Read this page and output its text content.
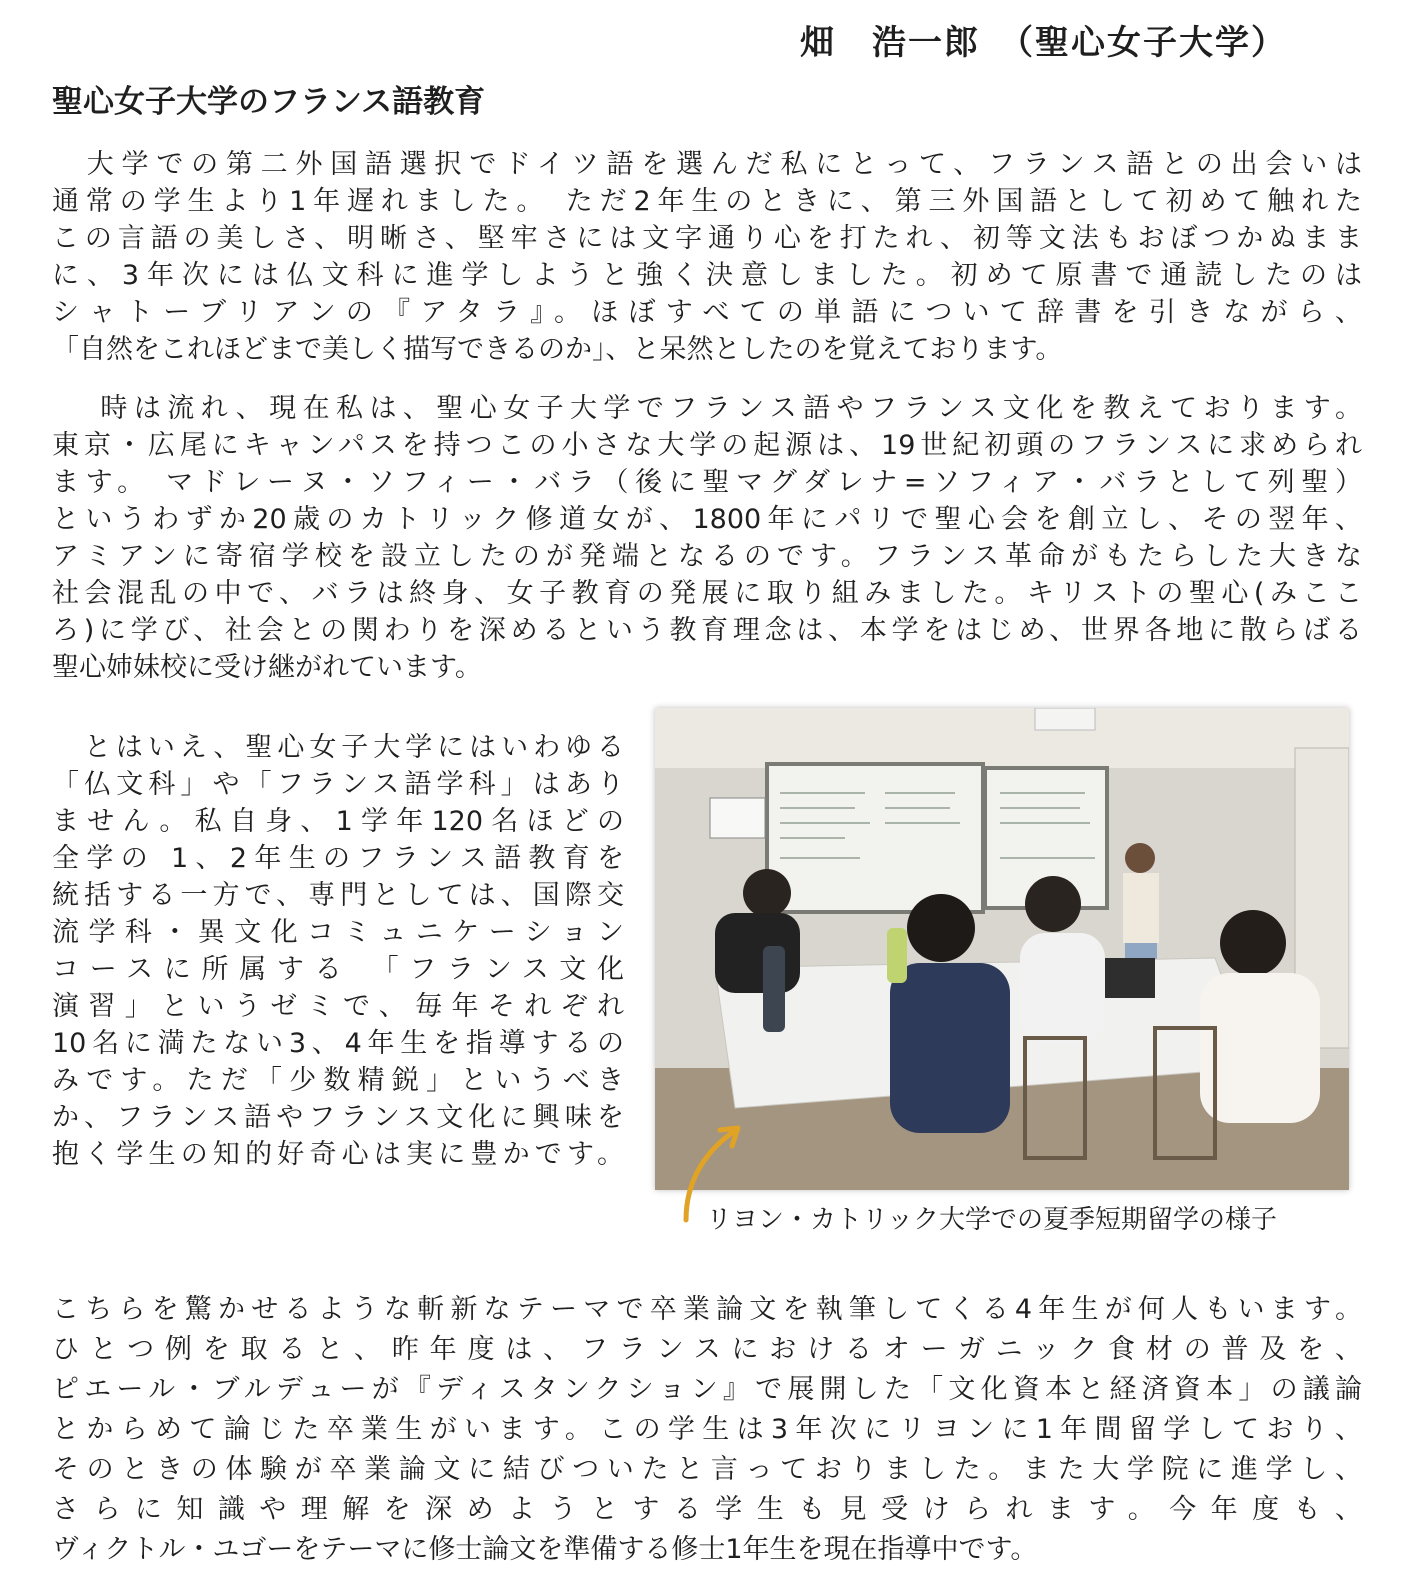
畑　浩一郎　（聖心女子大学）
聖心女子大学のフランス語教育
　大学での第二外国語選択でドイツ語を選んだ私にとって、フランス語との出会いは
通常の学生より1年遅れました。 ただ2年生のときに、第三外国語として初めて触れた
この言語の美しさ、明晰さ、堅牢さには文字通り心を打たれ、初等文法もおぼつかぬまま
に、3年次には仏文科に進学しようと強く決意しました。初めて原書で通読したのは
シャトーブリアンの『アタラ』。ほぼすべての単語について辞書を引きながら、
「自然をこれほどまで美しく描写できるのか」、と呆然としたのを覚えております。
　 時は流れ、現在私は、聖心女子大学でフランス語やフランス文化を教えております。
東京・広尾にキャンパスを持つこの小さな大学の起源は、19世紀初頭のフランスに求められ
ます。 マドレーヌ・ソフィー・バラ（後に聖マグダレナ=ソフィア・バラとして列聖）
というわずか20歳のカトリック修道女が、1800年にパリで聖心会を創立し、その翌年、
アミアンに寄宿学校を設立したのが発端となるのです。フランス革命がもたらした大きな
社会混乱の中で、バラは終身、女子教育の発展に取り組みました。キリストの聖心(みここ
ろ)に学び、社会との関わりを深めるという教育理念は、本学をはじめ、世界各地に散らばる
聖心姉妹校に受け継がれています。
　とはいえ、聖心女子大学にはいわゆる
「仏文科」や「フランス語学科」はあり
ません。私自身、1学年120名ほどの
全学の 1、2年生のフランス語教育を
統括する一方で、専門としては、国際交
流学科・異文化コミュニケーション
コースに所属する 「フランス文化
演習」というゼミで、毎年それぞれ
10名に満たない3、4年生を指導するの
みです。ただ「少数精鋭」というべき
か、フランス語やフランス文化に興味を
抱く学生の知的好奇心は実に豊かです。
リヨン・カトリック大学での夏季短期留学の様子
こちらを驚かせるような斬新なテーマで卒業論文を執筆してくる4年生が何人もいます。
ひとつ例を取ると、昨年度は、フランスにおけるオーガニック食材の普及を、
ピエール・ブルデューが『ディスタンクション』で展開した「文化資本と経済資本」の議論
とからめて論じた卒業生がいます。この学生は3年次にリヨンに1年間留学しており、
そのときの体験が卒業論文に結びついたと言っておりました。また大学院に進学し、
さらに知識や理解を深めようとする学生も見受けられます。今年度も、
ヴィクトル・ユゴーをテーマに修士論文を準備する修士1年生を現在指導中です。
